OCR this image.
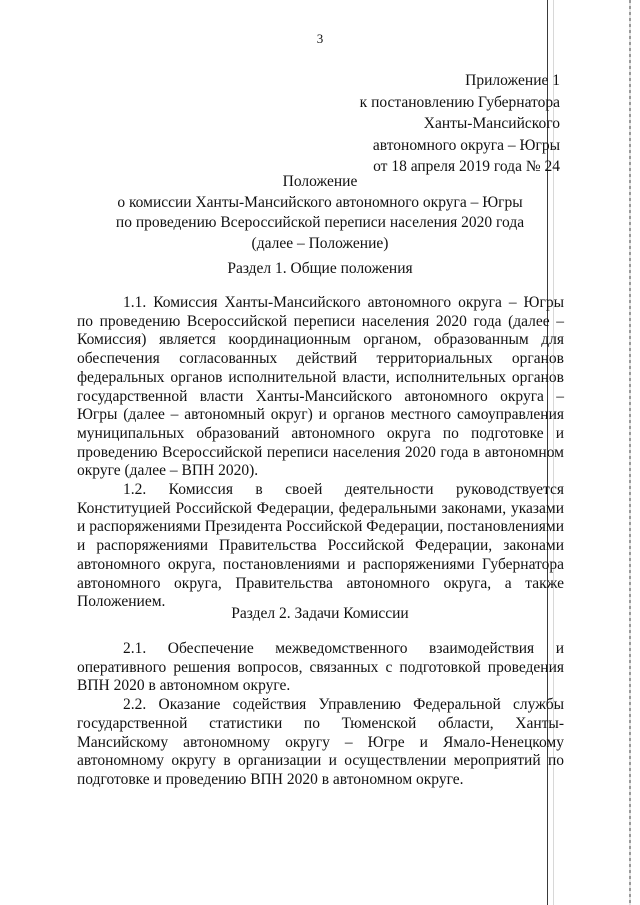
3
Приложение 1
к постановлению Губернатора
Ханты-Мансийского
автономного округа – Югры
от 18 апреля 2019 года № 24
Положение
о комиссии Ханты-Мансийского автономного округа – Югры
по проведению Всероссийской переписи населения 2020 года
(далее – Положение)
Раздел 1. Общие положения

1.1. Комиссия Ханты-Мансийского автономного округа – Югры по проведению Всероссийской переписи населения 2020 года (далее – Комиссия) является координационным органом, образованным для обеспечения согласованных действий территориальных органов федеральных органов исполнительной власти, исполнительных органов государственной власти Ханты-Мансийского автономного округа – Югры (далее – автономный округ) и органов местного самоуправления муниципальных образований автономного округа по подготовке и проведению Всероссийской переписи населения 2020 года в автономном округе (далее – ВПН 2020).

1.2. Комиссия в своей деятельности руководствуется Конституцией Российской Федерации, федеральными законами, указами и распоряжениями Президента Российской Федерации, постановлениями и распоряжениями Правительства Российской Федерации, законами автономного округа, постановлениями и распоряжениями Губернатора автономного округа, Правительства автономного округа, а также Положением.

Раздел 2. Задачи Комиссии

2.1. Обеспечение межведомственного взаимодействия и оперативного решения вопросов, связанных с подготовкой проведения ВПН 2020 в автономном округе.

2.2. Оказание содействия Управлению Федеральной службы государственной статистики по Тюменской области, Ханты-Мансийскому автономному округу – Югре и Ямало-Ненецкому автономному округу в организации и осуществлении мероприятий по подготовке и проведению ВПН 2020 в автономном округе.
